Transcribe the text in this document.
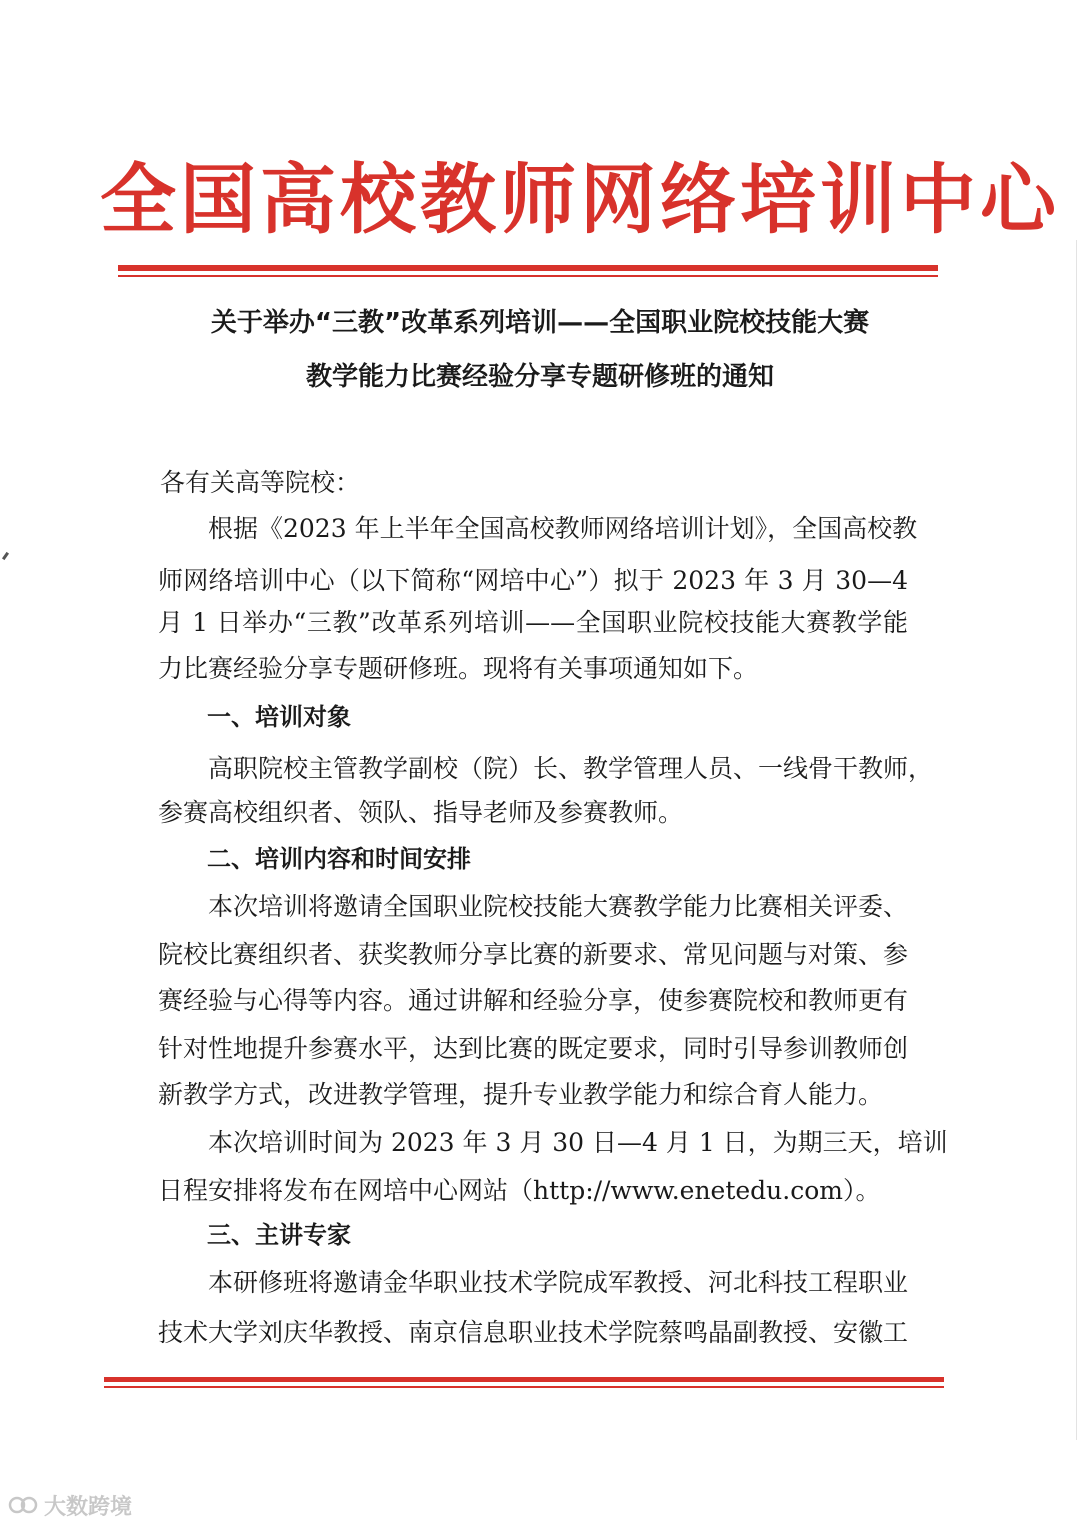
全国高校教师网络培训中心
关于举办“三教”改革系列培训——全国职业院校技能大赛
教学能力比赛经验分享专题研修班的通知
各有关高等院校：
根据《2023 年上半年全国高校教师网络培训计划》，全国高校教
师网络培训中心（以下简称“网培中心”）拟于 2023 年 3 月 30—4
月 1 日举办“三教”改革系列培训——全国职业院校技能大赛教学能
力比赛经验分享专题研修班。现将有关事项通知如下。
一、培训对象
高职院校主管教学副校（院）长、教学管理人员、一线骨干教师，
参赛高校组织者、领队、指导老师及参赛教师。
二、培训内容和时间安排
本次培训将邀请全国职业院校技能大赛教学能力比赛相关评委、
院校比赛组织者、获奖教师分享比赛的新要求、常见问题与对策、参
赛经验与心得等内容。通过讲解和经验分享，使参赛院校和教师更有
针对性地提升参赛水平，达到比赛的既定要求，同时引导参训教师创
新教学方式，改进教学管理，提升专业教学能力和综合育人能力。
本次培训时间为 2023 年 3 月 30 日—4 月 1 日，为期三天，培训
日程安排将发布在网培中心网站（http://www.enetedu.com）。
三、主讲专家
本研修班将邀请金华职业技术学院成军教授、河北科技工程职业
技术大学刘庆华教授、南京信息职业技术学院蔡鸣晶副教授、安徽工
大数跨境
